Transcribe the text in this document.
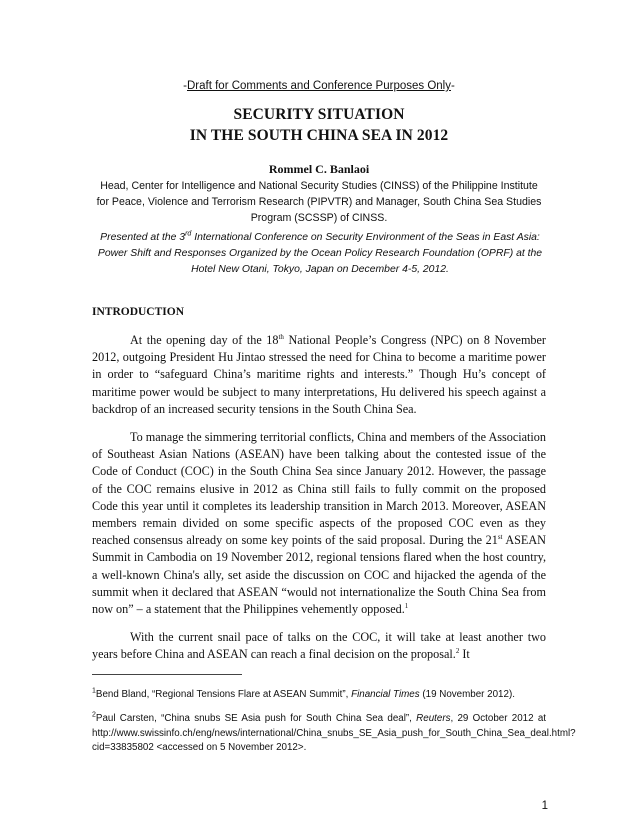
-Draft for Comments and Conference Purposes Only-
SECURITY SITUATION
IN THE SOUTH CHINA SEA IN 2012
Rommel C. Banlaoi
Head, Center for Intelligence and National Security Studies (CINSS) of the Philippine Institute for Peace, Violence and Terrorism Research (PIPVTR) and Manager, South China Sea Studies Program (SCSSP) of CINSS.
Presented at the 3rd International Conference on Security Environment of the Seas in East Asia: Power Shift and Responses Organized by the Ocean Policy Research Foundation (OPRF) at the Hotel New Otani, Tokyo, Japan on December 4-5, 2012.
INTRODUCTION

At the opening day of the 18th National People’s Congress (NPC) on 8 November 2012, outgoing President Hu Jintao stressed the need for China to become a maritime power in order to “safeguard China’s maritime rights and interests.” Though Hu’s concept of maritime power would be subject to many interpretations, Hu delivered his speech against a backdrop of an increased security tensions in the South China Sea.

To manage the simmering territorial conflicts, China and members of the Association of Southeast Asian Nations (ASEAN) have been talking about the contested issue of the Code of Conduct (COC) in the South China Sea since January 2012. However, the passage of the COC remains elusive in 2012 as China still fails to fully commit on the proposed Code this year until it completes its leadership transition in March 2013. Moreover, ASEAN members remain divided on some specific aspects of the proposed COC even as they reached consensus already on some key points of the said proposal. During the 21st ASEAN Summit in Cambodia on 19 November 2012, regional tensions flared when the host country, a well-known China's ally, set aside the discussion on COC and hijacked the agenda of the summit when it declared that ASEAN “would not internationalize the South China Sea from now on” – a statement that the Philippines vehemently opposed.$^1$

With the current snail pace of talks on the COC, it will take at least another two years before China and ASEAN can reach a final decision on the proposal.$^2$ It

$^1$Bend Bland, “Regional Tensions Flare at ASEAN Summit”, Financial Times (19 November 2012).
$^2$Paul Carsten, “China snubs SE Asia push for South China Sea deal”, Reuters, 29 October 2012 at http://www.swissinfo.ch/eng/news/international/China_snubs_SE_Asia_push_for_South_China_Sea_deal.html?cid=33835802 <accessed on 5 November 2012>.
1
